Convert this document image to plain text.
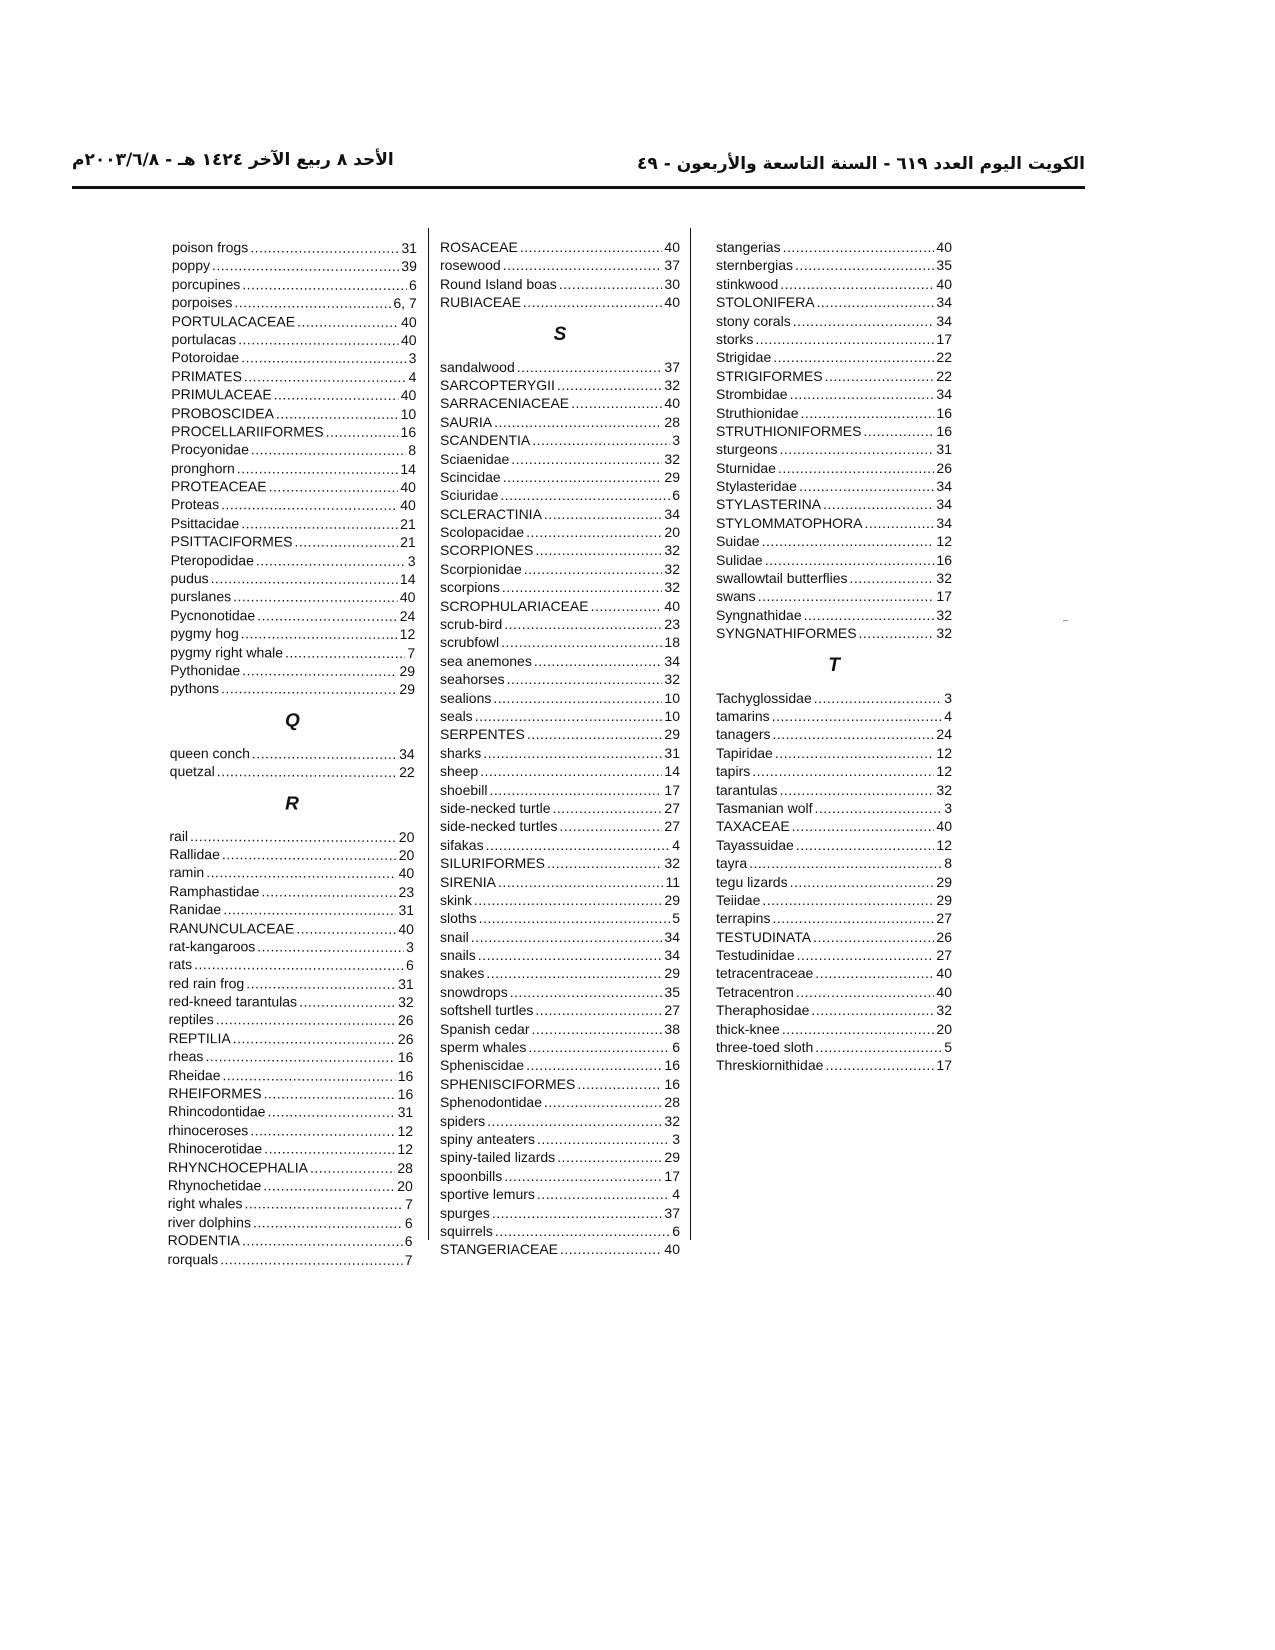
الكويت اليوم العدد ٦١٩ - السنة التاسعة والأربعون - ٤٩
الأحد ٨ ربيع الآخر ١٤٢٤ هـ - ٢٠٠٣/٦/٨م
poison frogs .....	31
poppy .....	39
porcupines .....	6
porpoises .....	6, 7
PORTULACACEAE .....	40
portulacas .....	40
Potoroidae .....	3
PRIMATES .....	4
PRIMULACEAE .....	40
PROBOSCIDEA .....	10
PROCELLARIIFORMES .....	16
Procyonidae .....	8
pronghorn .....	14
PROTEACEAE .....	40
Proteas .....	40
Psittacidae .....	21
PSITTACIFORMES .....	21
Pteropodidae .....	3
pudus .....	14
purslanes .....	40
Pycnonotidae .....	24
pygmy hog .....	12
pygmy right whale .....	7
Pythonidae .....	29
pythons .....	29
Q
queen conch .....	34
quetzal .....	22
R
rail .....	20
Rallidae .....	20
ramin .....	40
Ramphastidae .....	23
Ranidae .....	31
RANUNCULACEAE .....	40
rat-kangaroos .....	3
rats .....	6
red rain frog .....	31
red-kneed tarantulas .....	32
reptiles .....	26
REPTILIA .....	26
rheas .....	16
Rheidae .....	16
RHEIFORMES .....	16
Rhincodontidae .....	31
rhinoceroses .....	12
Rhinocerotidae .....	12
RHYNCHOCEPHALIA .....	28
Rhynochetidae .....	20
right whales .....	7
river dolphins .....	6
RODENTIA .....	6
rorquals .....	7
ROSACEAE .....	40
rosewood .....	37
Round Island boas .....	30
RUBIACEAE .....	40
S
sandalwood .....	37
SARCOPTERYGII .....	32
SARRACENIACEAE .....	40
SAURIA .....	28
SCANDENTIA .....	3
Sciaenidae .....	32
Scincidae .....	29
Sciuridae .....	6
SCLERACTINIA .....	34
Scolopacidae .....	20
SCORPIONES .....	32
Scorpionidae .....	32
scorpions .....	32
SCROPHULARIACEAE .....	40
scrub-bird .....	23
scrubfowl .....	18
sea anemones .....	34
seahorses .....	32
sealions .....	10
seals .....	10
SERPENTES .....	29
sharks .....	31
sheep .....	14
shoebill .....	17
side-necked turtle .....	27
side-necked turtles .....	27
sifakas .....	4
SILURIFORMES .....	32
SIRENIA .....	11
skink .....	29
sloths .....	5
snail .....	34
snails .....	34
snakes .....	29
snowdrops .....	35
softshell turtles .....	27
Spanish cedar .....	38
sperm whales .....	6
Spheniscidae .....	16
SPHENISCIFORMES .....	16
Sphenodontidae .....	28
spiders .....	32
spiny anteaters .....	3
spiny-tailed lizards .....	29
spoonbills .....	17
sportive lemurs .....	4
spurges .....	37
squirrels .....	6
STANGERIACEAE .....	40
stangerias .....	40
sternbergias .....	35
stinkwood .....	40
STOLONIFERA .....	34
stony corals .....	34
storks .....	17
Strigidae .....	22
STRIGIFORMES .....	22
Strombidae .....	34
Struthionidae .....	16
STRUTHIONIFORMES .....	16
sturgeons .....	31
Sturnidae .....	26
Stylasteridae .....	34
STYLASTERINA .....	34
STYLOMMATOPHORA .....	34
Suidae .....	12
Sulidae .....	16
swallowtail butterflies .....	32
swans .....	17
Syngnathidae .....	32
SYNGNATHIFORMES .....	32
T
Tachyglossidae .....	3
tamarins .....	4
tanagers .....	24
Tapiridae .....	12
tapirs .....	12
tarantulas .....	32
Tasmanian wolf .....	3
TAXACEAE .....	40
Tayassuidae .....	12
tayra .....	8
tegu lizards .....	29
Teiidae .....	29
terrapins .....	27
TESTUDINATA .....	26
Testudinidae .....	27
tetracentraceae .....	40
Tetracentron .....	40
Theraphosidae .....	32
thick-knee .....	20
three-toed sloth .....	5
Threskiornithidae .....	17
